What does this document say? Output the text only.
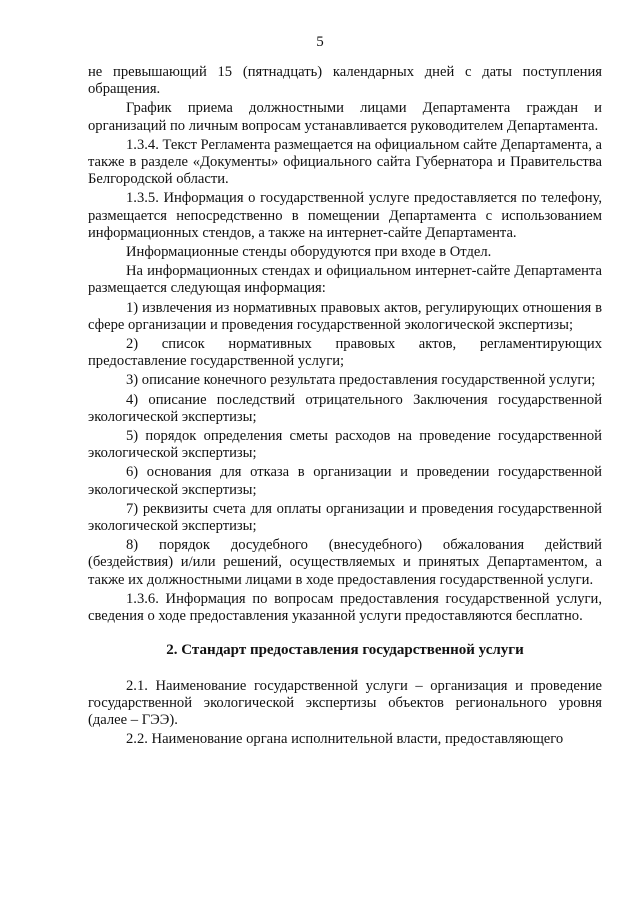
5

не превышающий 15 (пятнадцать) календарных дней с даты поступления обращения.

График приема должностными лицами Департамента граждан и организаций по личным вопросам устанавливается руководителем Департамента.

1.3.4. Текст Регламента размещается на официальном сайте Департамента, а также в разделе «Документы» официального сайта Губернатора и Правительства Белгородской области.

1.3.5. Информация о государственной услуге предоставляется по телефону, размещается непосредственно в помещении Департамента с использованием информационных стендов, а также на интернет-сайте Департамента.

Информационные стенды оборудуются при входе в Отдел.

На информационных стендах и официальном интернет-сайте Департамента размещается следующая информация:

1) извлечения из нормативных правовых актов, регулирующих отношения в сфере организации и проведения государственной экологической экспертизы;

2) список нормативных правовых актов, регламентирующих предоставление государственной услуги;

3) описание конечного результата предоставления государственной услуги;

4) описание последствий отрицательного Заключения государственной экологической экспертизы;

5) порядок определения сметы расходов на проведение государственной экологической экспертизы;

6) основания для отказа в организации и проведении государственной экологической экспертизы;

7) реквизиты счета для оплаты организации и проведения государственной экологической экспертизы;

8) порядок досудебного (внесудебного) обжалования действий (бездействия) и/или решений, осуществляемых и принятых Департаментом, а также их должностными лицами в ходе предоставления государственной услуги.

1.3.6. Информация по вопросам предоставления государственной услуги, сведения о ходе предоставления указанной услуги предоставляются бесплатно.

2. Стандарт предоставления государственной услуги

2.1. Наименование государственной услуги – организация и проведение государственной экологической экспертизы объектов регионального уровня (далее – ГЭЭ).

2.2. Наименование органа исполнительной власти, предоставляющего
